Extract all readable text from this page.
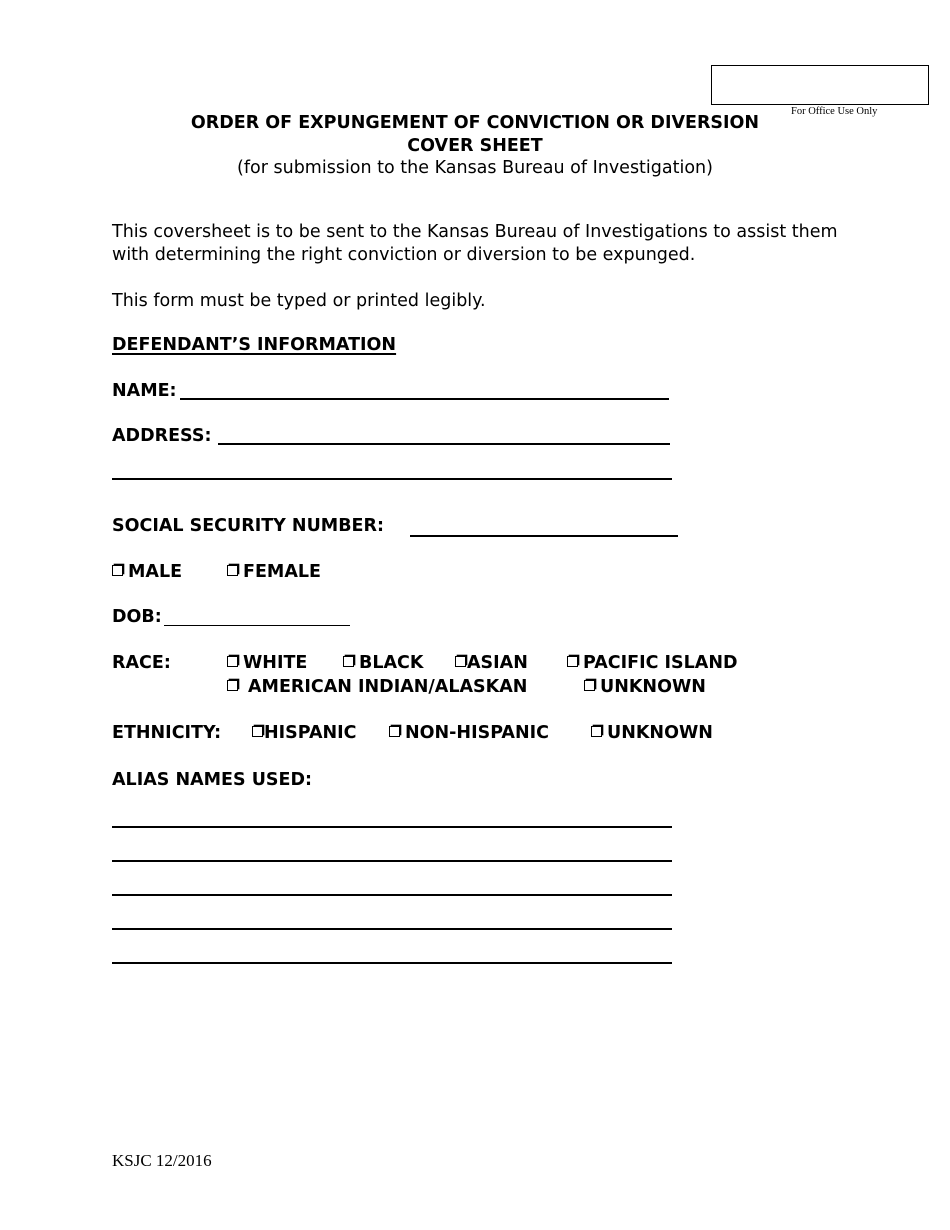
For Office Use Only
ORDER OF EXPUNGEMENT OF CONVICTION OR DIVERSION
COVER SHEET
(for submission to the Kansas Bureau of Investigation)
This coversheet is to be sent to the Kansas Bureau of Investigations to assist them with determining the right conviction or diversion to be expunged.
This form must be typed or printed legibly.
DEFENDANT’S INFORMATION
NAME:
ADDRESS:
SOCIAL SECURITY NUMBER:
MALE	FEMALE
DOB:
RACE:	WHITE	BLACK	ASIAN	PACIFIC ISLAND
AMERICAN INDIAN/ALASKAN	UNKNOWN
ETHNICITY:	HISPANIC	NON-HISPANIC	UNKNOWN
ALIAS NAMES USED:
KSJC 12/2016
